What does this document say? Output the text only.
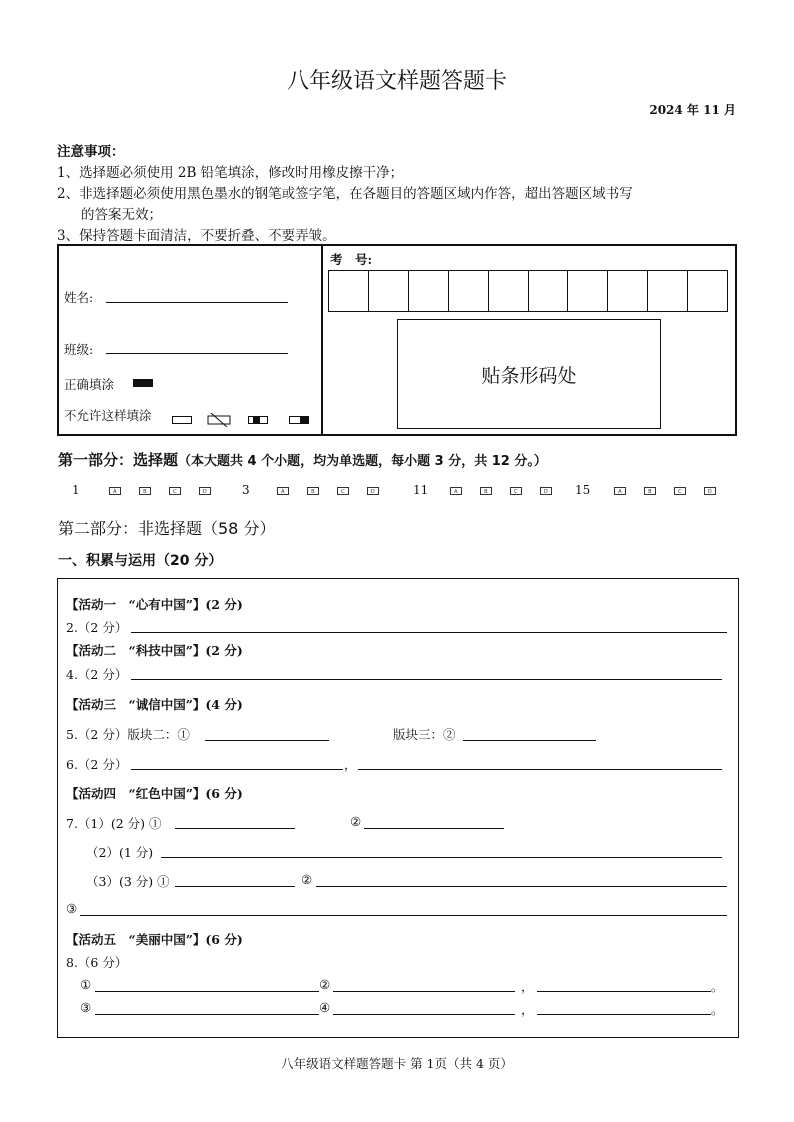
八年级语文样题答题卡
2024 年 11 月
注意事项：
1、选择题必须使用 2B 铅笔填涂，修改时用橡皮擦干净；
2、非选择题必须使用黑色墨水的钢笔或签字笔，在各题目的答题区域内作答，超出答题区域书写
的答案无效；
3、保持答题卡面清洁，不要折叠、不要弄皱。
姓名:
班级:
正确填涂
不允许这样填涂

考　号:
贴条形码处
第一部分：选择题（本大题共 4 个小题，均为单选题，每小题 3 分，共 12 分。）
1	A	B	C	D	3	A	B	C	D	11	A	B	C	D	15	A	B	C	D
第二部分：非选择题（58 分）
一、积累与运用（20 分）
【活动一　“心有中国”】(2 分)
2.（2 分）
【活动二　“科技中国”】(2 分)
4.（2 分）
【活动三　“诚信中国”】(4 分)
5.（2 分）版块二：①	版块三：②
6.（2 分）	，
【活动四　“红色中国”】(6 分)
7.（1）(2 分) ①	②
（2）(1 分)
（3）(3 分) ①	②
③
【活动五　“美丽中国”】(6 分)
8.（6 分）
①	②	，	。
③	④	，	。
八年级语文样题答题卡 第 1页（共 4 页）
